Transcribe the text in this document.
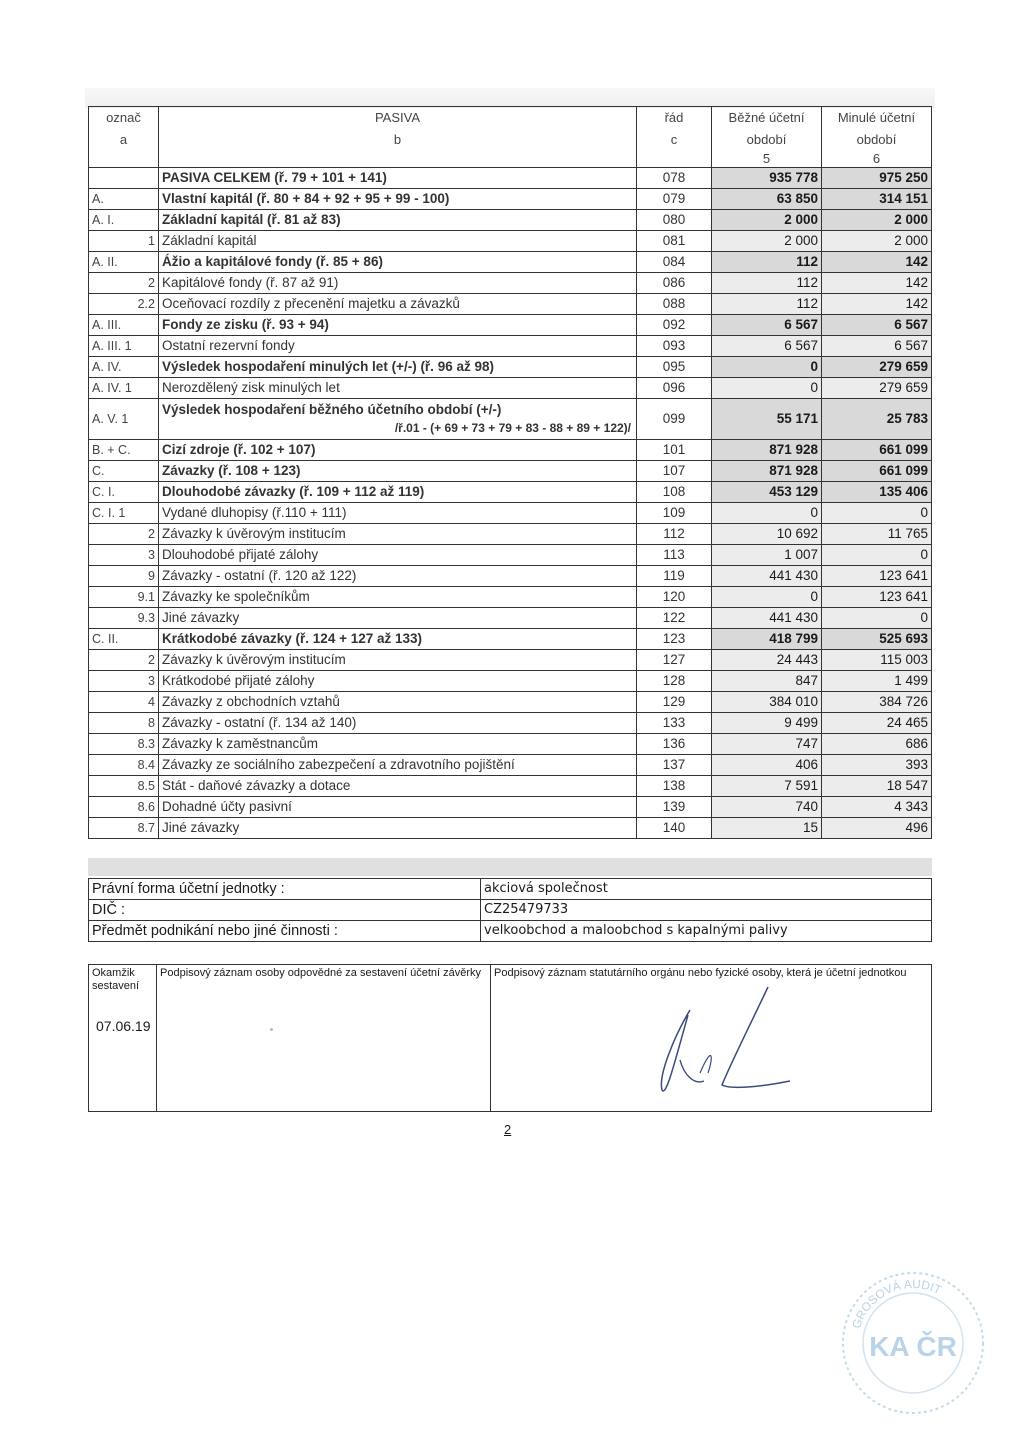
označ	PASIVA	řád	Běžné účetní	Minulé účetní
a	b	c	období	období
			5	6
	PASIVA CELKEM (ř. 79 + 101 + 141)	078	935 778	975 250
A.	Vlastní kapitál (ř. 80 + 84 + 92 + 95 + 99 - 100)	079	63 850	314 151
A. I.	Základní kapitál (ř. 81 až 83)	080	2 000	2 000
1	Základní kapitál	081	2 000	2 000
A. II.	Ážio a kapitálové fondy (ř. 85 + 86)	084	112	142
2	Kapitálové fondy (ř. 87 až 91)	086	112	142
2.2	Oceňovací rozdíly z přecenění majetku a závazků	088	112	142
A. III.	Fondy ze zisku (ř. 93 + 94)	092	6 567	6 567
A. III. 1	Ostatní rezervní fondy	093	6 567	6 567
A. IV.	Výsledek hospodaření minulých let (+/-) (ř. 96 až 98)	095	0	279 659
A. IV. 1	Nerozdělený zisk minulých let	096	0	279 659
A. V. 1	Výsledek hospodaření běžného účetního období (+/-)
/ř.01 - (+ 69 + 73 + 79 + 83 - 88 + 89 + 122)/	099	55 171	25 783
B. + C.	Cizí zdroje (ř. 102 + 107)	101	871 928	661 099
C.	Závazky (ř. 108 + 123)	107	871 928	661 099
C. I.	Dlouhodobé závazky (ř. 109 + 112 až 119)	108	453 129	135 406
C. I. 1	Vydané dluhopisy (ř.110 + 111)	109	0	0
2	Závazky k úvěrovým institucím	112	10 692	11 765
3	Dlouhodobé přijaté zálohy	113	1 007	0
9	Závazky - ostatní (ř. 120 až 122)	119	441 430	123 641
9.1	Závazky ke společníkům	120	0	123 641
9.3	Jiné závazky	122	441 430	0
C. II.	Krátkodobé závazky (ř. 124 + 127 až 133)	123	418 799	525 693
2	Závazky k úvěrovým institucím	127	24 443	115 003
3	Krátkodobé přijaté zálohy	128	847	1 499
4	Závazky z obchodních vztahů	129	384 010	384 726
8	Závazky - ostatní (ř. 134 až 140)	133	9 499	24 465
8.3	Závazky k zaměstnancům	136	747	686
8.4	Závazky ze sociálního zabezpečení a zdravotního pojištění	137	406	393
8.5	Stát - daňové závazky a dotace	138	7 591	18 547
8.6	Dohadné účty pasivní	139	740	4 343
8.7	Jiné závazky	140	15	496
Právní forma účetní jednotky :	akciová společnost
DIČ :	CZ25479733
Předmět podnikání nebo jiné činnosti :	velkoobchod a maloobchod s kapalnými palivy
Okamžik sestavení	Podpisový záznam osoby odpovědné za sestavení účetní závěrky	Podpisový záznam statutárního orgánu nebo fyzické osoby, která je účetní jednotkou
07.06.19
2
GROSOVÁ AUDIT
KA ČR
